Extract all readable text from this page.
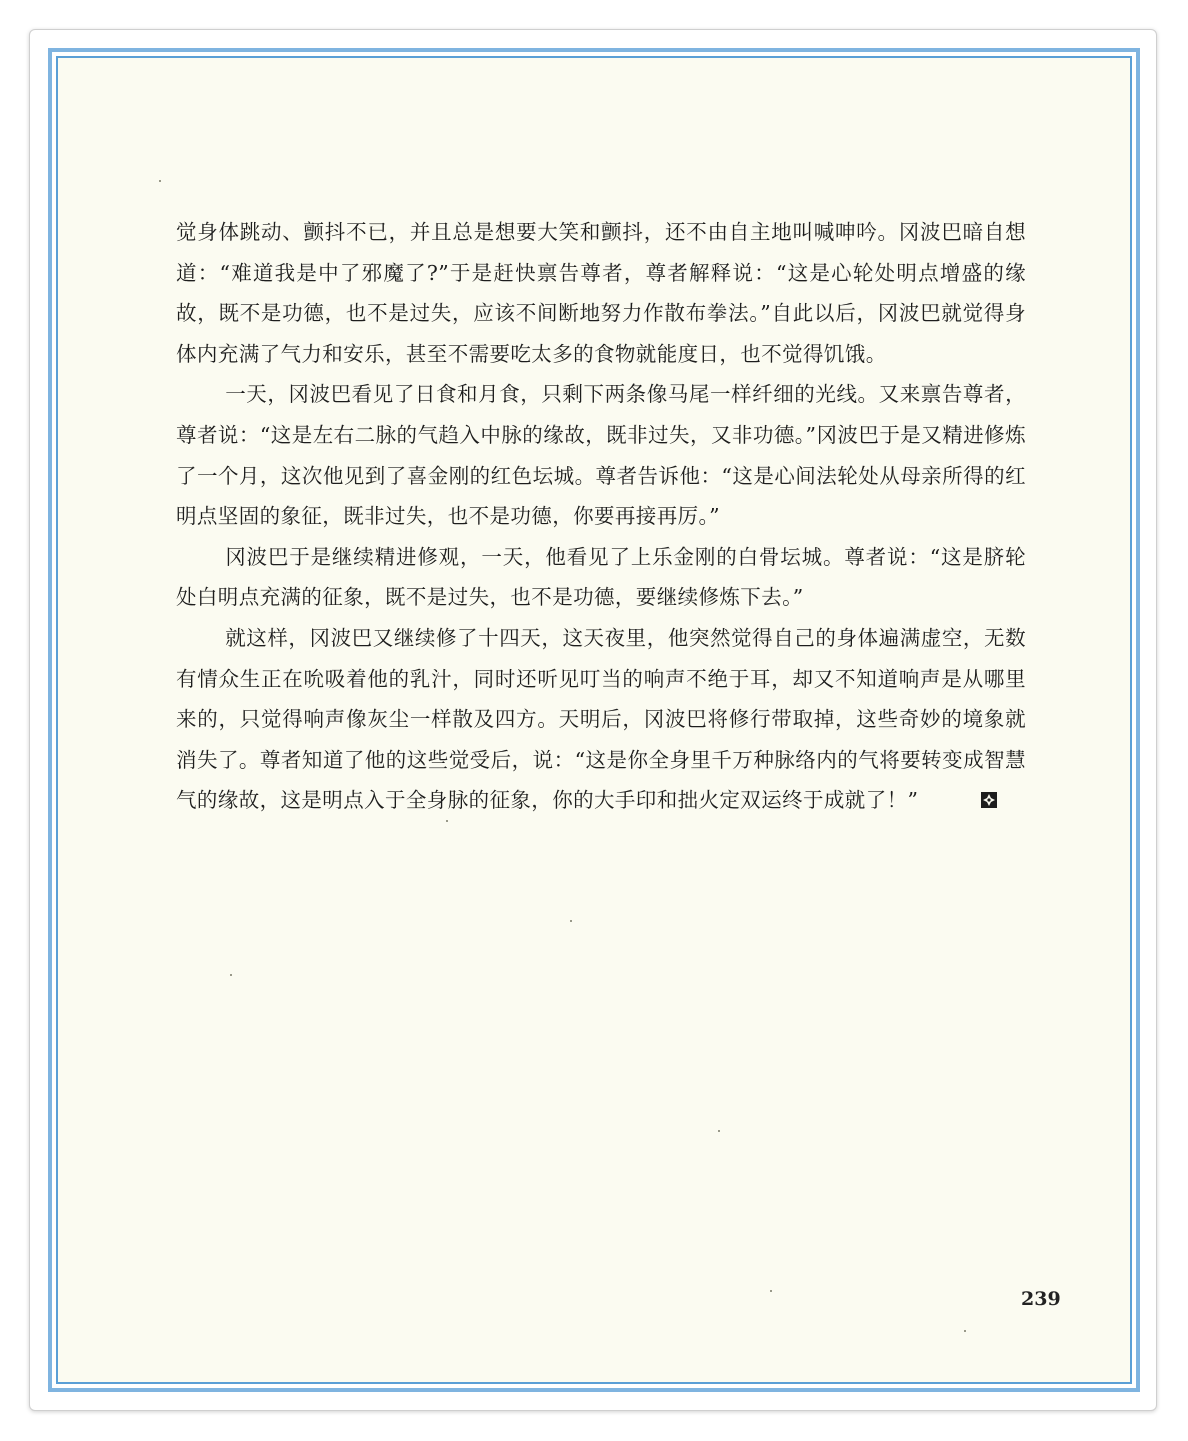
觉身体跳动、颤抖不已，并且总是想要大笑和颤抖，还不由自主地叫喊呻吟。冈波巴暗自想道：“难道我是中了邪魔了?”于是赶快禀告尊者，尊者解释说：“这是心轮处明点增盛的缘故，既不是功德，也不是过失，应该不间断地努力作散布拳法。”自此以后，冈波巴就觉得身体内充满了气力和安乐，甚至不需要吃太多的食物就能度日，也不觉得饥饿。

一天，冈波巴看见了日食和月食，只剩下两条像马尾一样纤细的光线。又来禀告尊者，尊者说：“这是左右二脉的气趋入中脉的缘故，既非过失，又非功德。”冈波巴于是又精进修炼了一个月，这次他见到了喜金刚的红色坛城。尊者告诉他：“这是心间法轮处从母亲所得的红明点坚固的象征，既非过失，也不是功德，你要再接再厉。”

冈波巴于是继续精进修观，一天，他看见了上乐金刚的白骨坛城。尊者说：“这是脐轮处白明点充满的征象，既不是过失，也不是功德，要继续修炼下去。”

就这样，冈波巴又继续修了十四天，这天夜里，他突然觉得自己的身体遍满虚空，无数有情众生正在吮吸着他的乳汁，同时还听见叮当的响声不绝于耳，却又不知道响声是从哪里来的，只觉得响声像灰尘一样散及四方。天明后，冈波巴将修行带取掉，这些奇妙的境象就消失了。尊者知道了他的这些觉受后，说：“这是你全身里千万种脉络内的气将要转变成智慧气的缘故，这是明点入于全身脉的征象，你的大手印和拙火定双运终于成就了！”

239
